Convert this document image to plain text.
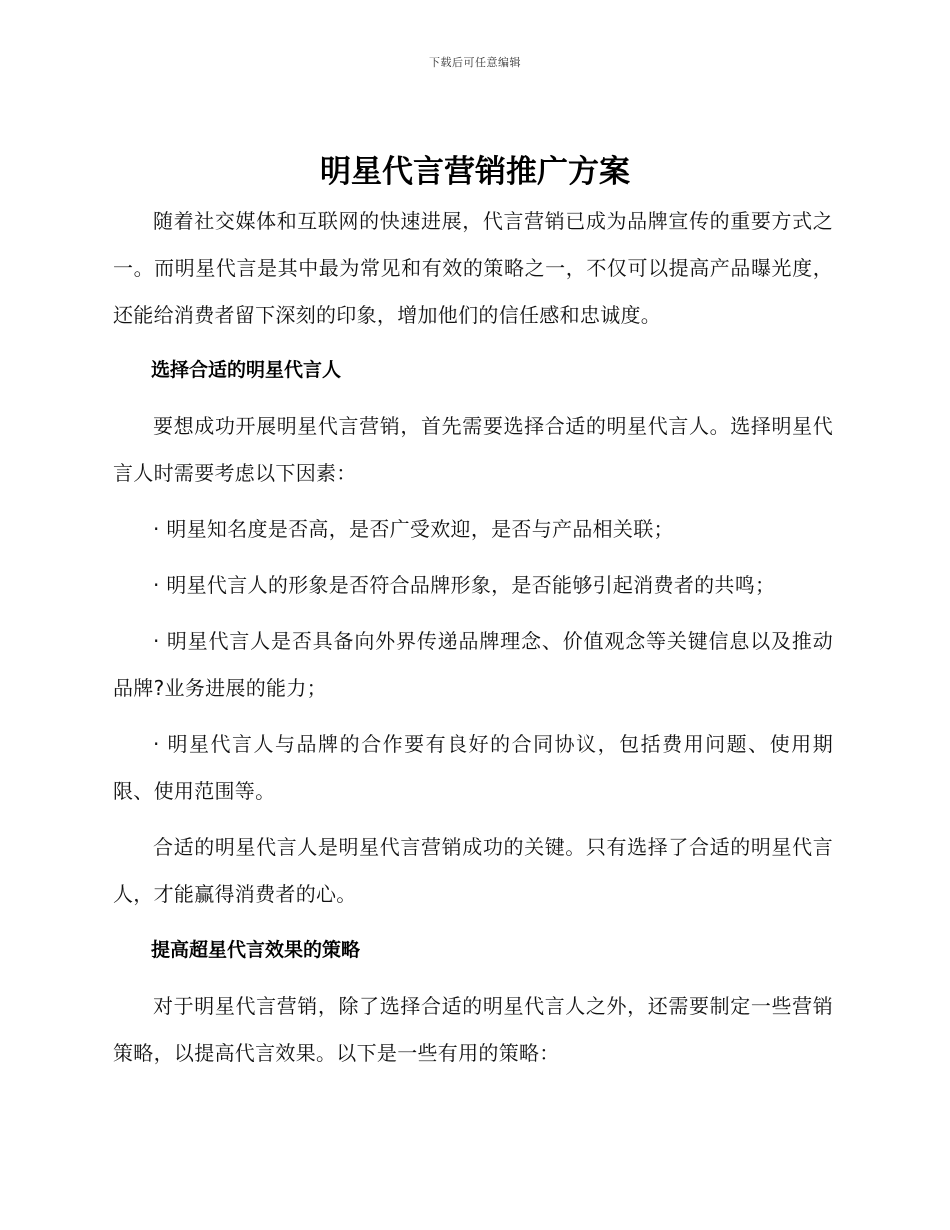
下载后可任意编辑
明星代言营销推广方案

随着社交媒体和互联网的快速进展，代言营销已成为品牌宣传的重要方式之一。而明星代言是其中最为常见和有效的策略之一，不仅可以提高产品曝光度，还能给消费者留下深刻的印象，增加他们的信任感和忠诚度。

选择合适的明星代言人

要想成功开展明星代言营销，首先需要选择合适的明星代言人。选择明星代言人时需要考虑以下因素：

· 明星知名度是否高，是否广受欢迎，是否与产品相关联；

· 明星代言人的形象是否符合品牌形象，是否能够引起消费者的共鸣；

· 明星代言人是否具备向外界传递品牌理念、价值观念等关键信息以及推动品牌?业务进展的能力；

· 明星代言人与品牌的合作要有良好的合同协议，包括费用问题、使用期限、使用范围等。

合适的明星代言人是明星代言营销成功的关键。只有选择了合适的明星代言人，才能赢得消费者的心。

提高超星代言效果的策略

对于明星代言营销，除了选择合适的明星代言人之外，还需要制定一些营销策略，以提高代言效果。以下是一些有用的策略：
